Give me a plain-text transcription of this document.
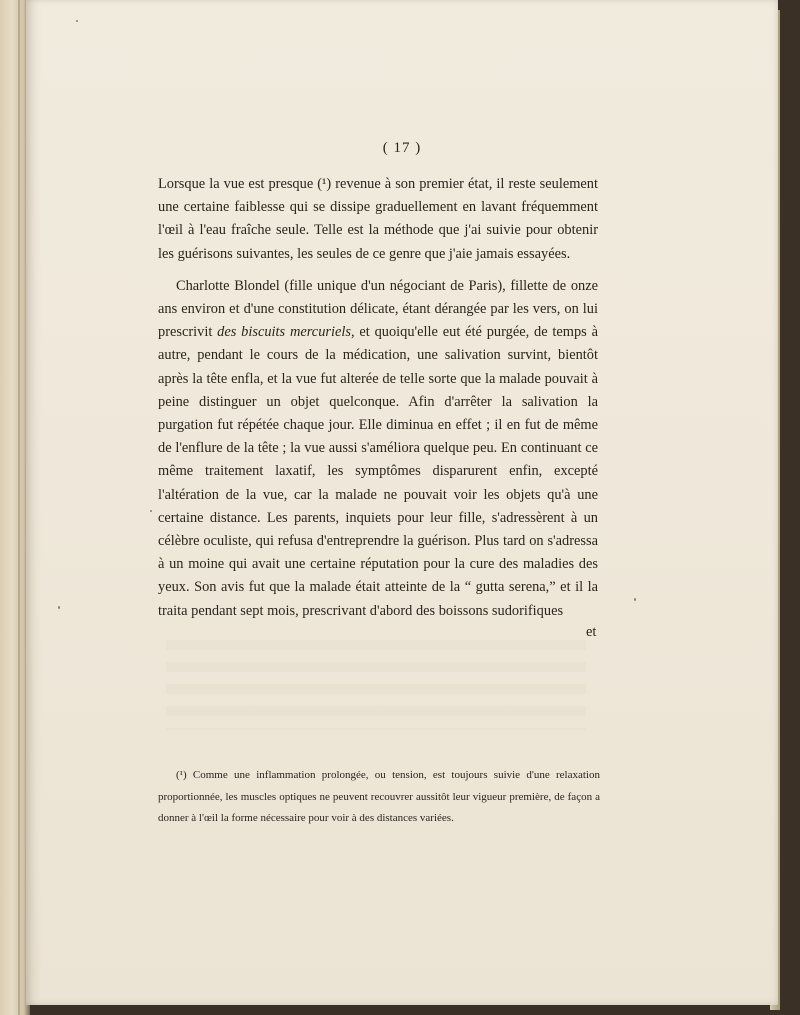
( 17 )

Lorsque la vue est presque (¹) revenue à son premier état, il reste seulement une certaine faiblesse qui se dissipe graduellement en lavant fréquemment l'œil à l'eau fraîche seule. Telle est la méthode que j'ai suivie pour obtenir les guérisons suivantes, les seules de ce genre que j'aie jamais essayées.

Charlotte Blondel (fille unique d'un négociant de Paris), fillette de onze ans environ et d'une constitution délicate, étant dérangée par les vers, on lui prescrivit des biscuits mercuriels, et quoiqu'elle eut été purgée, de temps à autre, pendant le cours de la médication, une salivation survint, bientôt après la tête enfla, et la vue fut alterée de telle sorte que la malade pouvait à peine distinguer un objet quelconque. Afin d'arrêter la salivation la purgation fut répétée chaque jour. Elle diminua en effet ; il en fut de même de l'enflure de la tête ; la vue aussi s'améliora quelque peu. En continuant ce même traitement laxatif, les symptômes disparurent enfin, excepté l'altération de la vue, car la malade ne pouvait voir les objets qu'à une certaine distance. Les parents, inquiets pour leur fille, s'adressèrent à un célèbre oculiste, qui refusa d'entreprendre la guérison. Plus tard on s'adressa à un moine qui avait une certaine réputation pour la cure des maladies des yeux. Son avis fut que la malade était atteinte de la “ gutta serena,” et il la traita pendant sept mois, prescrivant d'abord des boissons sudorifiques

et

(¹) Comme une inflammation prolongée, ou tension, est toujours suivie d'une relaxation proportionnée, les muscles optiques ne peuvent recouvrer aussitôt leur vigueur première, de façon a donner à l'œil la forme nécessaire pour voir à des distances variées.
